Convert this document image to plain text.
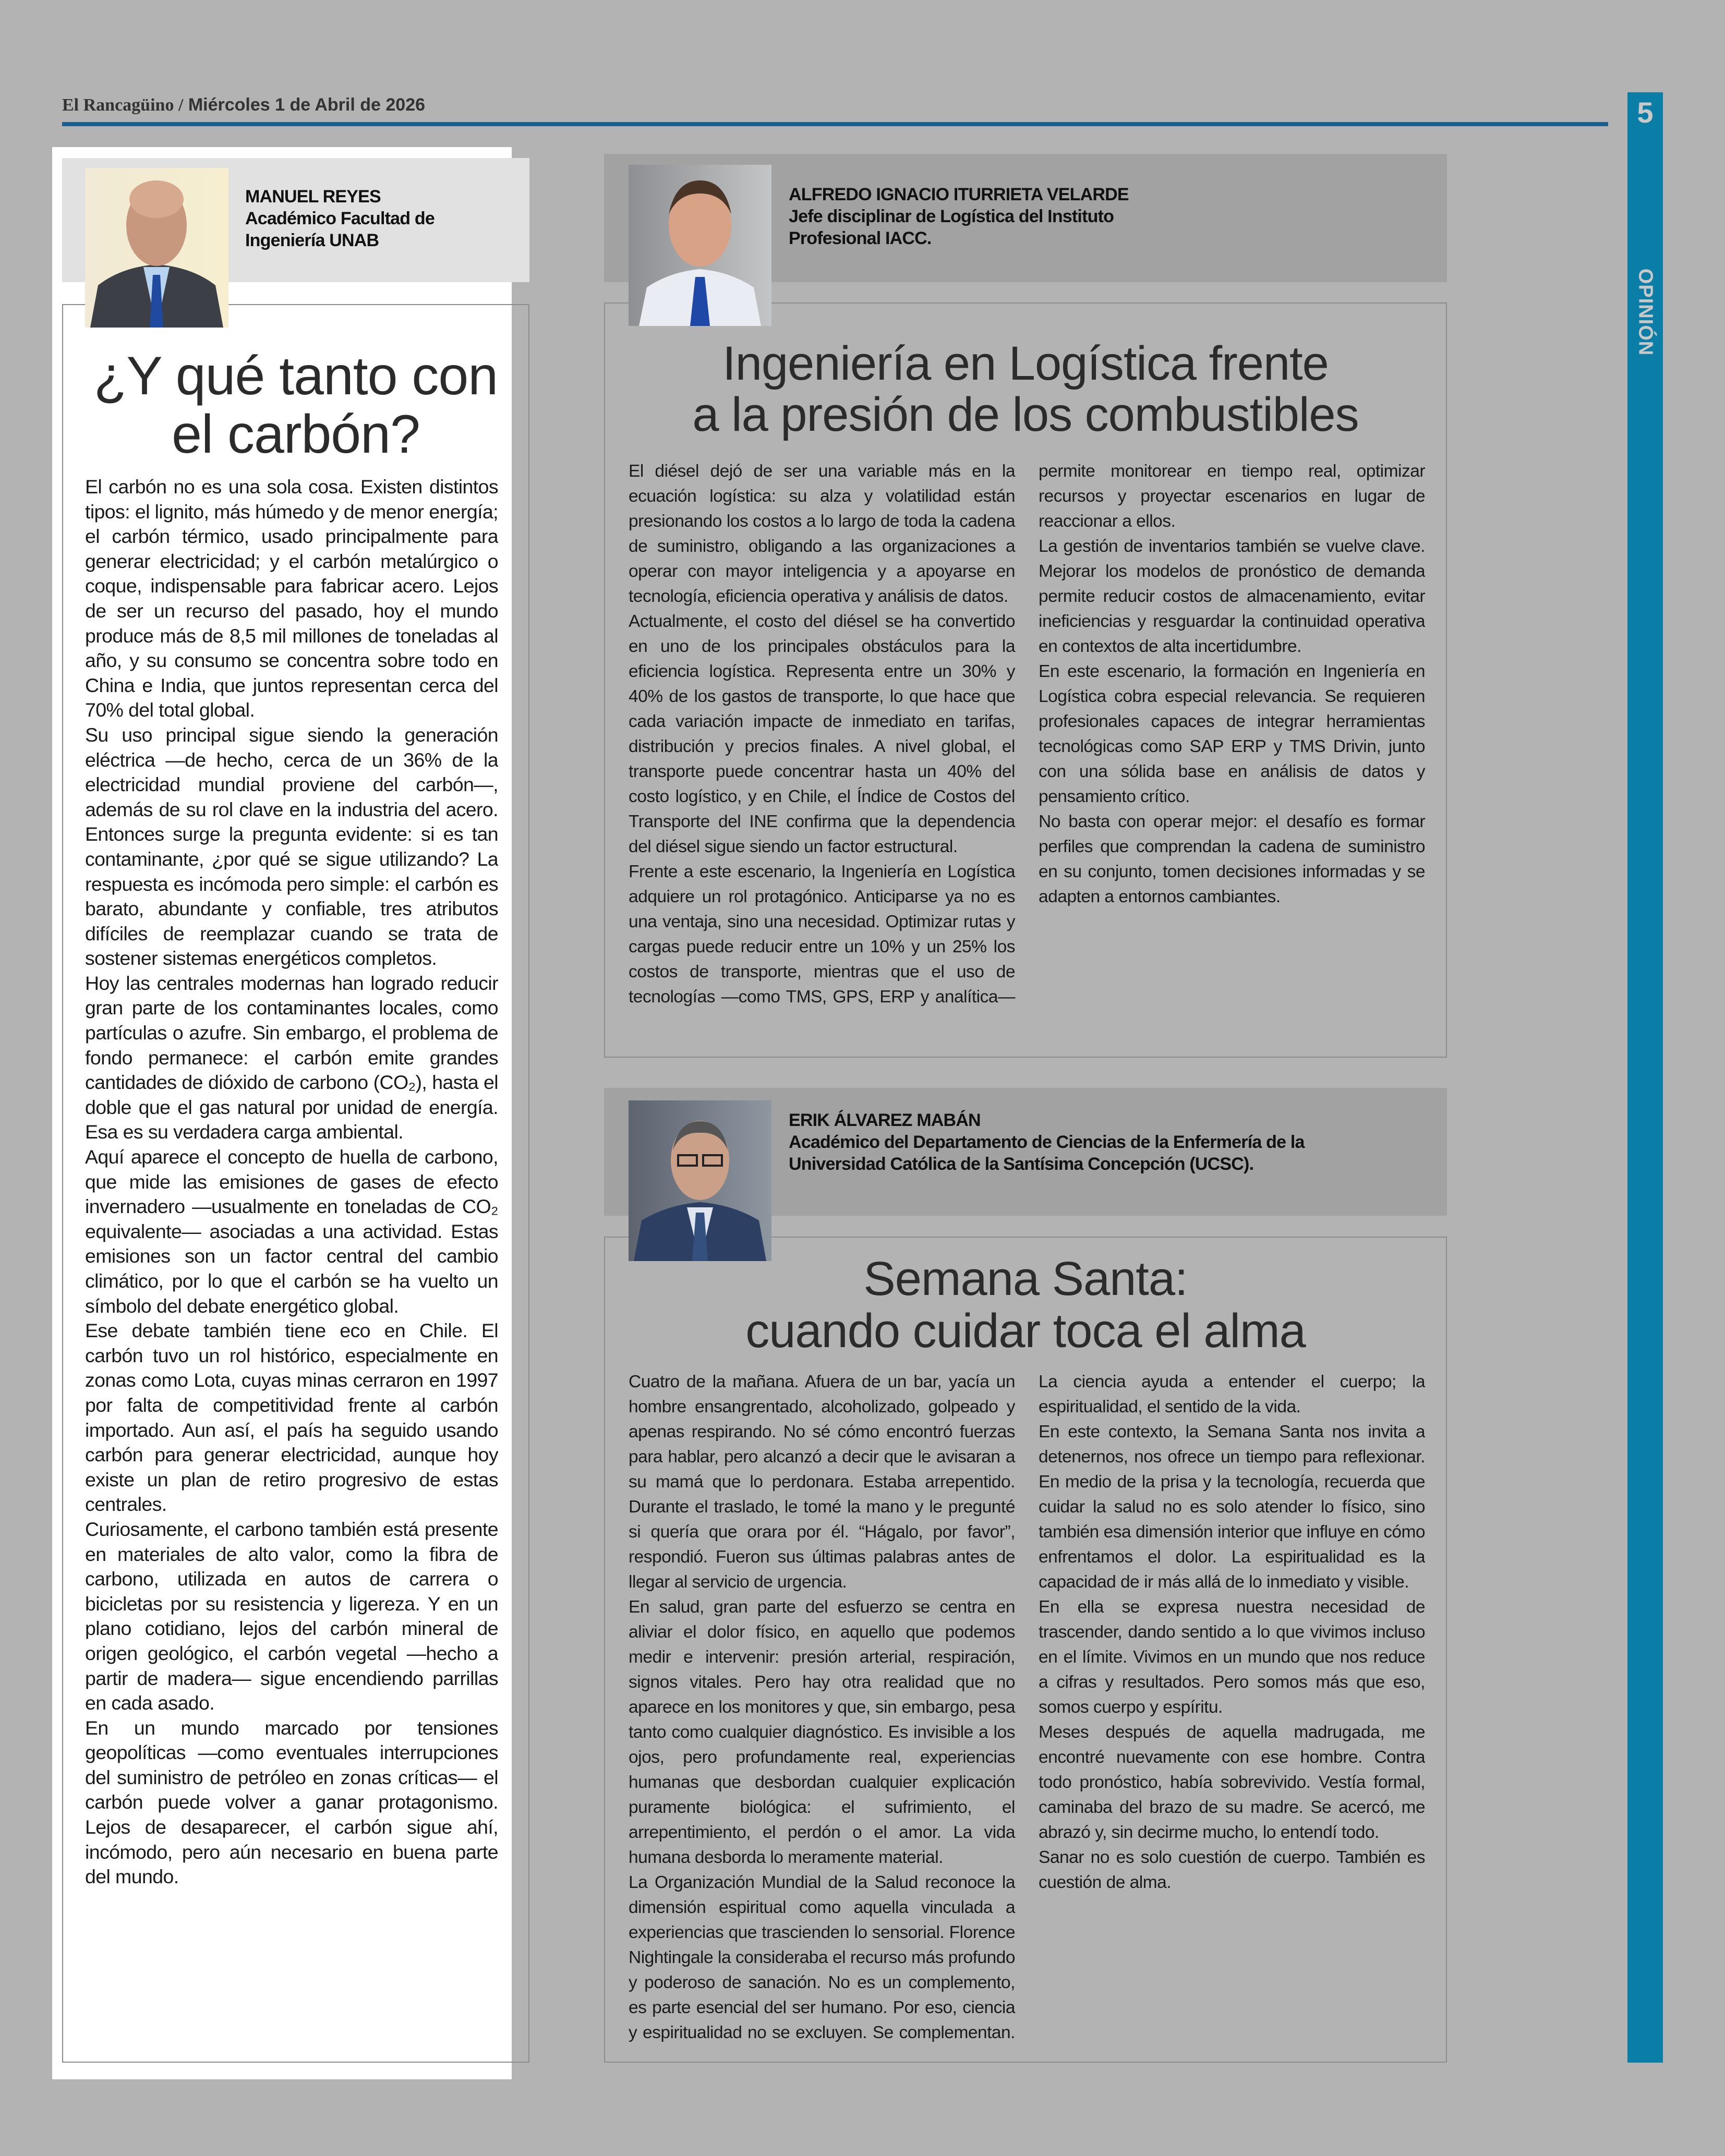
El Rancagüino / Miércoles 1 de Abril de 2026	5
OPINIÓN
MANUEL REYES
Académico Facultad de
Ingeniería UNAB
¿Y qué tanto con
el carbón?

El carbón no es una sola cosa. Existen distintos tipos: el lignito, más húmedo y de menor energía; el carbón térmico, usado principalmente para generar electricidad; y el carbón metalúrgico o coque, indispensable para fabricar acero. Lejos de ser un recurso del pasado, hoy el mundo produce más de 8,5 mil millones de toneladas al año, y su consumo se concentra sobre todo en China e India, que juntos representan cerca del 70% del total global.

Su uso principal sigue siendo la generación eléctrica —de hecho, cerca de un 36% de la electricidad mundial proviene del carbón—, además de su rol clave en la industria del acero. Entonces surge la pregunta evidente: si es tan contaminante, ¿por qué se sigue utilizando? La respuesta es incómoda pero simple: el carbón es barato, abundante y confiable, tres atributos difíciles de reemplazar cuando se trata de sostener sistemas energéticos completos.

Hoy las centrales modernas han logrado reducir gran parte de los contaminantes locales, como partículas o azufre. Sin embargo, el problema de fondo permanece: el carbón emite grandes cantidades de dióxido de carbono (CO₂), hasta el doble que el gas natural por unidad de energía. Esa es su verdadera carga ambiental.

Aquí aparece el concepto de huella de carbono, que mide las emisiones de gases de efecto invernadero —usualmente en toneladas de CO₂ equivalente— asociadas a una actividad. Estas emisiones son un factor central del cambio climático, por lo que el carbón se ha vuelto un símbolo del debate energético global.

Ese debate también tiene eco en Chile. El carbón tuvo un rol histórico, especialmente en zonas como Lota, cuyas minas cerraron en 1997 por falta de competitividad frente al carbón importado. Aun así, el país ha seguido usando carbón para generar electricidad, aunque hoy existe un plan de retiro progresivo de estas centrales.

Curiosamente, el carbono también está presente en materiales de alto valor, como la fibra de carbono, utilizada en autos de carrera o bicicletas por su resistencia y ligereza. Y en un plano cotidiano, lejos del carbón mineral de origen geológico, el carbón vegetal —hecho a partir de madera— sigue encendiendo parrillas en cada asado.

En un mundo marcado por tensiones geopolíticas —como eventuales interrupciones del suministro de petróleo en zonas críticas— el carbón puede volver a ganar protagonismo. Lejos de desaparecer, el carbón sigue ahí, incómodo, pero aún necesario en buena parte del mundo.

ALFREDO IGNACIO ITURRIETA VELARDE
Jefe disciplinar de Logística del Instituto
Profesional IACC.
Ingeniería en Logística frente
a la presión de los combustibles

El diésel dejó de ser una variable más en la ecuación logística: su alza y volatilidad están presionando los costos a lo largo de toda la cadena de suministro, obligando a las organizaciones a operar con mayor inteligencia y a apoyarse en tecnología, eficiencia operativa y análisis de datos.

Actualmente, el costo del diésel se ha convertido en uno de los principales obstáculos para la eficiencia logística. Representa entre un 30% y 40% de los gastos de transporte, lo que hace que cada variación impacte de inmediato en tarifas, distribución y precios finales. A nivel global, el transporte puede concentrar hasta un 40% del costo logístico, y en Chile, el Índice de Costos del Transporte del INE confirma que la dependencia del diésel sigue siendo un factor estructural.

Frente a este escenario, la Ingeniería en Logística adquiere un rol protagónico. Anticiparse ya no es una ventaja, sino una necesidad. Optimizar rutas y cargas puede reducir entre un 10% y un 25% los costos de transporte, mientras que el uso de tecnologías —como TMS, GPS, ERP y analítica— permite monitorear en tiempo real, optimizar recursos y proyectar escenarios en lugar de reaccionar a ellos.

La gestión de inventarios también se vuelve clave. Mejorar los modelos de pronóstico de demanda permite reducir costos de almacenamiento, evitar ineficiencias y resguardar la continuidad operativa en contextos de alta incertidumbre.

En este escenario, la formación en Ingeniería en Logística cobra especial relevancia. Se requieren profesionales capaces de integrar herramientas tecnológicas como SAP ERP y TMS Drivin, junto con una sólida base en análisis de datos y pensamiento crítico.

No basta con operar mejor: el desafío es formar perfiles que comprendan la cadena de suministro en su conjunto, tomen decisiones informadas y se adapten a entornos cambiantes.

ERIK ÁLVAREZ MABÁN
Académico del Departamento de Ciencias de la Enfermería de la
Universidad Católica de la Santísima Concepción (UCSC).
Semana Santa:
cuando cuidar toca el alma

Cuatro de la mañana. Afuera de un bar, yacía un hombre ensangrentado, alcoholizado, golpeado y apenas respirando. No sé cómo encontró fuerzas para hablar, pero alcanzó a decir que le avisaran a su mamá que lo perdonara. Estaba arrepentido. Durante el traslado, le tomé la mano y le pregunté si quería que orara por él. “Hágalo, por favor”, respondió. Fueron sus últimas palabras antes de llegar al servicio de urgencia.

En salud, gran parte del esfuerzo se centra en aliviar el dolor físico, en aquello que podemos medir e intervenir: presión arterial, respiración, signos vitales. Pero hay otra realidad que no aparece en los monitores y que, sin embargo, pesa tanto como cualquier diagnóstico. Es invisible a los ojos, pero profundamente real, experiencias humanas que desbordan cualquier explicación puramente biológica: el sufrimiento, el arrepentimiento, el perdón o el amor. La vida humana desborda lo meramente material.

La Organización Mundial de la Salud reconoce la dimensión espiritual como aquella vinculada a experiencias que trascienden lo sensorial. Florence Nightingale la consideraba el recurso más profundo y poderoso de sanación. No es un complemento, es parte esencial del ser humano. Por eso, ciencia y espiritualidad no se excluyen. Se complementan. La ciencia ayuda a entender el cuerpo; la espiritualidad, el sentido de la vida.

En este contexto, la Semana Santa nos invita a detenernos, nos ofrece un tiempo para reflexionar. En medio de la prisa y la tecnología, recuerda que cuidar la salud no es solo atender lo físico, sino también esa dimensión interior que influye en cómo enfrentamos el dolor. La espiritualidad es la capacidad de ir más allá de lo inmediato y visible.

En ella se expresa nuestra necesidad de trascender, dando sentido a lo que vivimos incluso en el límite. Vivimos en un mundo que nos reduce a cifras y resultados. Pero somos más que eso, somos cuerpo y espíritu.

Meses después de aquella madrugada, me encontré nuevamente con ese hombre. Contra todo pronóstico, había sobrevivido. Vestía formal, caminaba del brazo de su madre. Se acercó, me abrazó y, sin decirme mucho, lo entendí todo.

Sanar no es solo cuestión de cuerpo. También es cuestión de alma.
